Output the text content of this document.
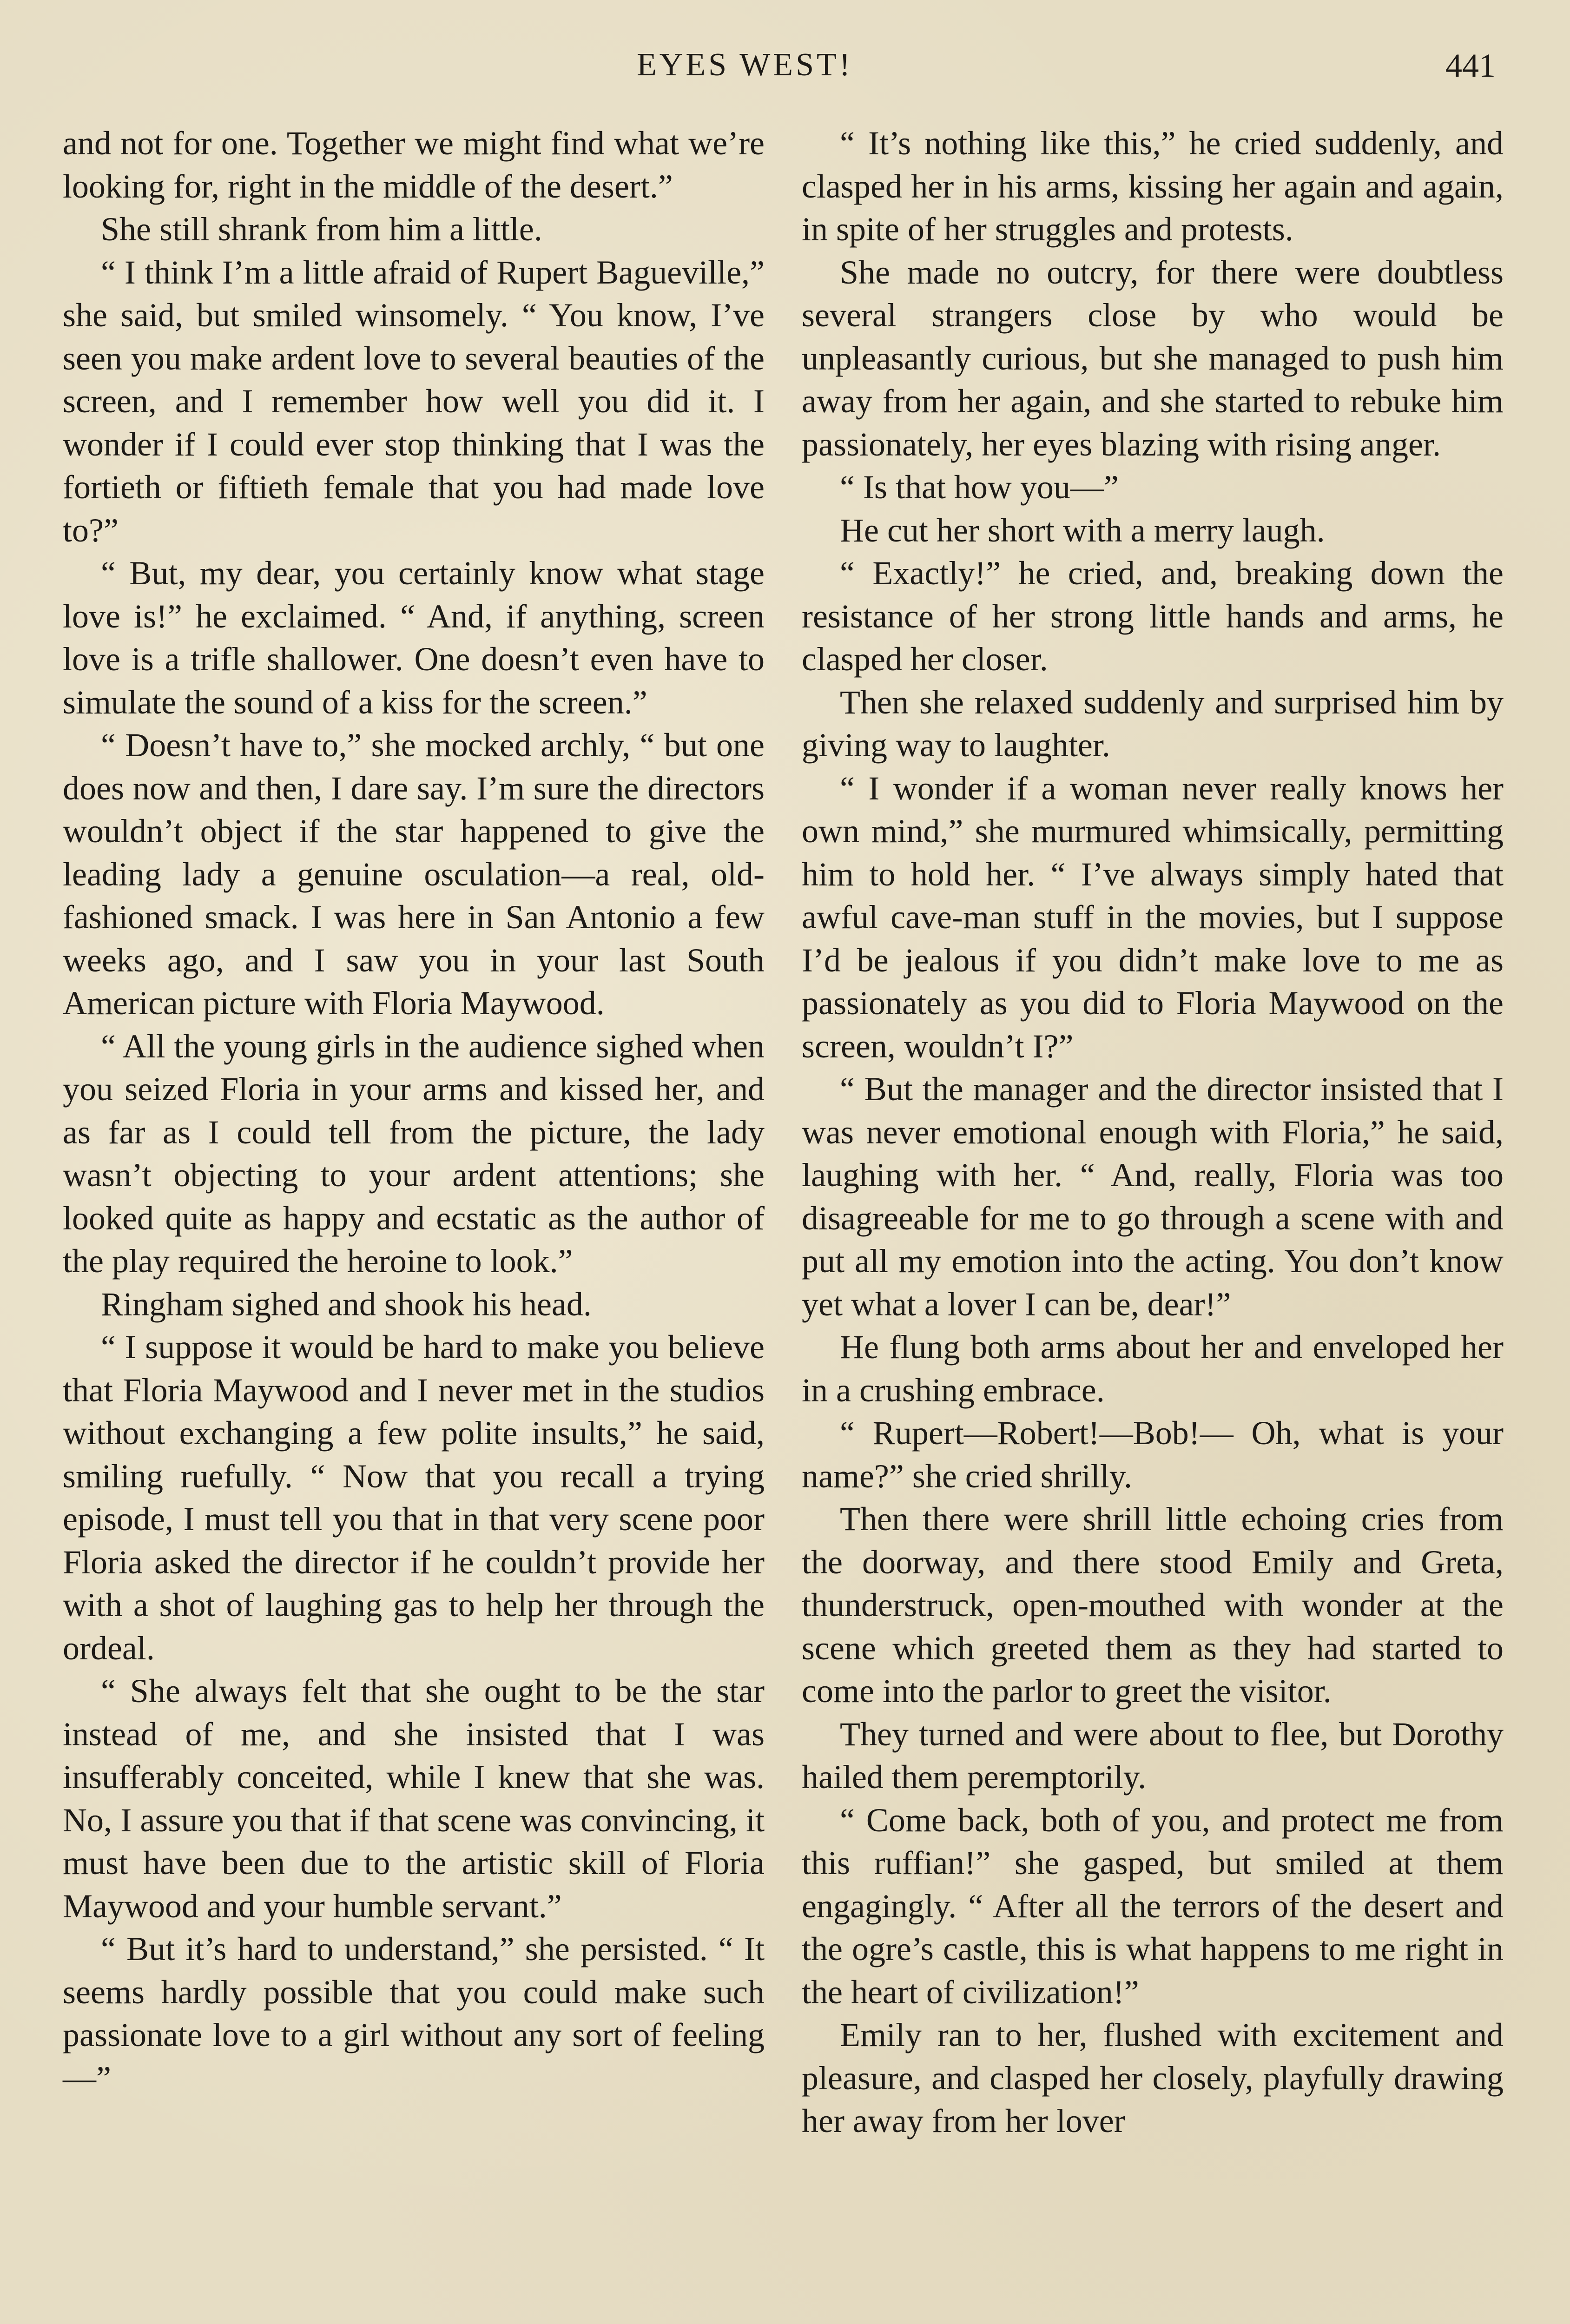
EYES WEST!	441

and not for one. Together we might find what we’re looking for, right in the middle of the desert.”

She still shrank from him a little.

“ I think I’m a little afraid of Rupert Bagueville,” she said, but smiled winsomely. “ You know, I’ve seen you make ardent love to several beauties of the screen, and I remember how well you did it. I wonder if I could ever stop thinking that I was the fortieth or fiftieth female that you had made love to?”

“ But, my dear, you certainly know what stage love is!” he exclaimed. “ And, if anything, screen love is a trifle shallower. One doesn’t even have to simulate the sound of a kiss for the screen.”

“ Doesn’t have to,” she mocked archly, “ but one does now and then, I dare say. I’m sure the directors wouldn’t object if the star happened to give the leading lady a genuine osculation—a real, old-fashioned smack. I was here in San Antonio a few weeks ago, and I saw you in your last South American picture with Floria Maywood.

“ All the young girls in the audience sighed when you seized Floria in your arms and kissed her, and as far as I could tell from the picture, the lady wasn’t objecting to your ardent attentions; she looked quite as happy and ecstatic as the author of the play required the heroine to look.”

Ringham sighed and shook his head.

“ I suppose it would be hard to make you believe that Floria Maywood and I never met in the studios without exchanging a few polite insults,” he said, smiling ruefully. “ Now that you recall a trying episode, I must tell you that in that very scene poor Floria asked the director if he couldn’t provide her with a shot of laughing gas to help her through the ordeal.

“ She always felt that she ought to be the star instead of me, and she insisted that I was insufferably conceited, while I knew that she was. No, I assure you that if that scene was convincing, it must have been due to the artistic skill of Floria Maywood and your humble servant.”

“ But it’s hard to understand,” she persisted. “ It seems hardly possible that you could make such passionate love to a girl without any sort of feeling—”

“ It’s nothing like this,” he cried suddenly, and clasped her in his arms, kissing her again and again, in spite of her struggles and protests.

She made no outcry, for there were doubtless several strangers close by who would be unpleasantly curious, but she managed to push him away from her again, and she started to rebuke him passionately, her eyes blazing with rising anger.

“ Is that how you—”

He cut her short with a merry laugh.

“ Exactly!” he cried, and, breaking down the resistance of her strong little hands and arms, he clasped her closer.

Then she relaxed suddenly and surprised him by giving way to laughter.

“ I wonder if a woman never really knows her own mind,” she murmured whimsically, permitting him to hold her. “ I’ve always simply hated that awful cave-man stuff in the movies, but I suppose I’d be jealous if you didn’t make love to me as passionately as you did to Floria Maywood on the screen, wouldn’t I?”

“ But the manager and the director insisted that I was never emotional enough with Floria,” he said, laughing with her. “ And, really, Floria was too disagreeable for me to go through a scene with and put all my emotion into the acting. You don’t know yet what a lover I can be, dear!”

He flung both arms about her and enveloped her in a crushing embrace.

“ Rupert—Robert!—Bob!— Oh, what is your name?” she cried shrilly.

Then there were shrill little echoing cries from the doorway, and there stood Emily and Greta, thunderstruck, open-mouthed with wonder at the scene which greeted them as they had started to come into the parlor to greet the visitor.

They turned and were about to flee, but Dorothy hailed them peremptorily.

“ Come back, both of you, and protect me from this ruffian!” she gasped, but smiled at them engagingly. “ After all the terrors of the desert and the ogre’s castle, this is what happens to me right in the heart of civilization!”

Emily ran to her, flushed with excitement and pleasure, and clasped her closely, playfully drawing her away from her lover
